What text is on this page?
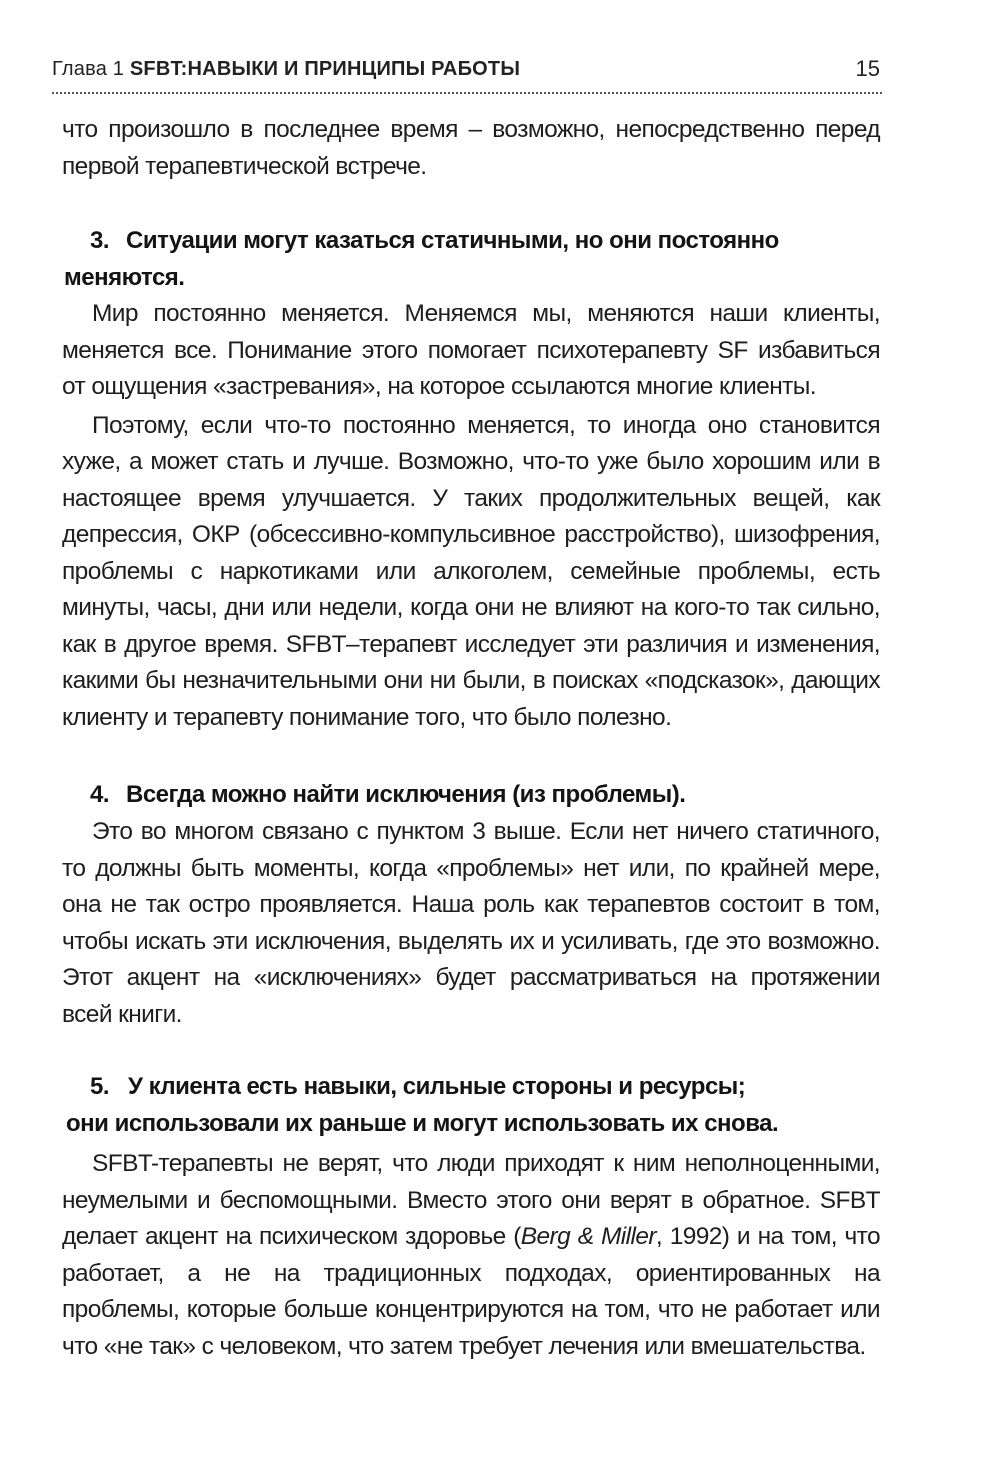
Глава 1 SFBT:НАВЫКИ И ПРИНЦИПЫ РАБОТЫ	15

что произошло в последнее время – возможно, непосредственно перед первой терапевтической встрече.

3. Ситуации могут казаться статичными, но они постоянно
меняются.

Мир постоянно меняется. Меняемся мы, меняются наши клиенты, меняется все. Понимание этого помогает психотерапевту SF избавиться от ощущения «застревания», на которое ссылаются многие клиенты.

Поэтому, если что-то постоянно меняется, то иногда оно становится хуже, а может стать и лучше. Возможно, что-то уже было хорошим или в настоящее время улучшается. У таких продолжительных вещей, как депрессия, ОКР (обсессивно-компульсивное расстройство), шизофрения, проблемы с наркотиками или алкоголем, семейные проблемы, есть минуты, часы, дни или недели, когда они не влияют на кого-то так сильно, как в другое время. SFBT–терапевт исследует эти различия и изменения, какими бы незначительными они ни были, в поисках «подсказок», дающих клиенту и терапевту понимание того, что было полезно.

4. Всегда можно найти исключения (из проблемы).

Это во многом связано с пунктом 3 выше. Если нет ничего статичного, то должны быть моменты, когда «проблемы» нет или, по крайней мере, она не так остро проявляется. Наша роль как терапевтов состоит в том, чтобы искать эти исключения, выделять их и усиливать, где это возможно. Этот акцент на «исключениях» будет рассматриваться на протяжении всей книги.

5. У клиента есть навыки, сильные стороны и ресурсы;
они использовали их раньше и могут использовать их снова.

SFBT-терапевты не верят, что люди приходят к ним неполноценными, неумелыми и беспомощными. Вместо этого они верят в обратное. SFBT делает акцент на психическом здоровье (Berg & Miller, 1992) и на том, что работает, а не на традиционных подходах, ориентированных на проблемы, которые больше концентрируются на том, что не работает или что «не так» с человеком, что затем требует лечения или вмешательства.
